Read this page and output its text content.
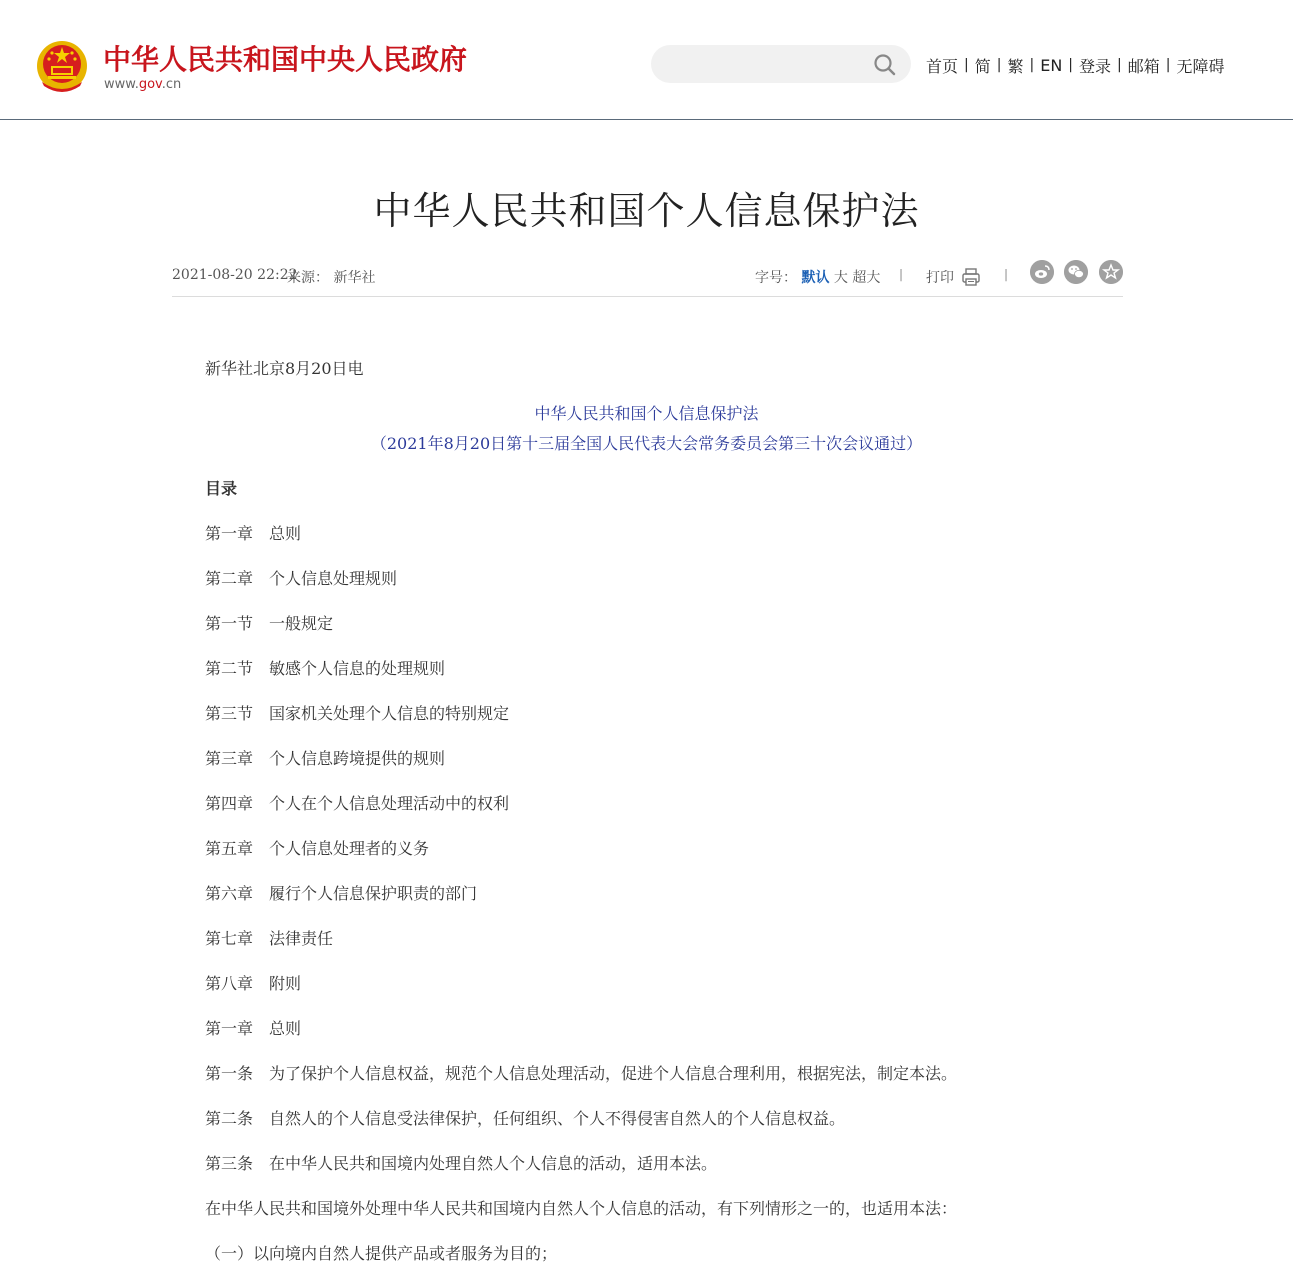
中华人民共和国中央人民政府
www.gov.cn
首页 | 简 | 繁 | EN | 登录 | 邮箱 | 无障碍
中华人民共和国个人信息保护法
2021-08-20 22:22
来源： 新华社	字号： 默认 大 超大 | 打印	|
新华社北京8月20日电
中华人民共和国个人信息保护法
（2021年8月20日第十三届全国人民代表大会常务委员会第三十次会议通过）
目录
第一章　总则
第二章　个人信息处理规则
第一节　一般规定
第二节　敏感个人信息的处理规则
第三节　国家机关处理个人信息的特别规定
第三章　个人信息跨境提供的规则
第四章　个人在个人信息处理活动中的权利
第五章　个人信息处理者的义务
第六章　履行个人信息保护职责的部门
第七章　法律责任
第八章　附则
第一章　总则
第一条　为了保护个人信息权益，规范个人信息处理活动，促进个人信息合理利用，根据宪法，制定本法。
第二条　自然人的个人信息受法律保护，任何组织、个人不得侵害自然人的个人信息权益。
第三条　在中华人民共和国境内处理自然人个人信息的活动，适用本法。
在中华人民共和国境外处理中华人民共和国境内自然人个人信息的活动，有下列情形之一的，也适用本法：
（一）以向境内自然人提供产品或者服务为目的；
